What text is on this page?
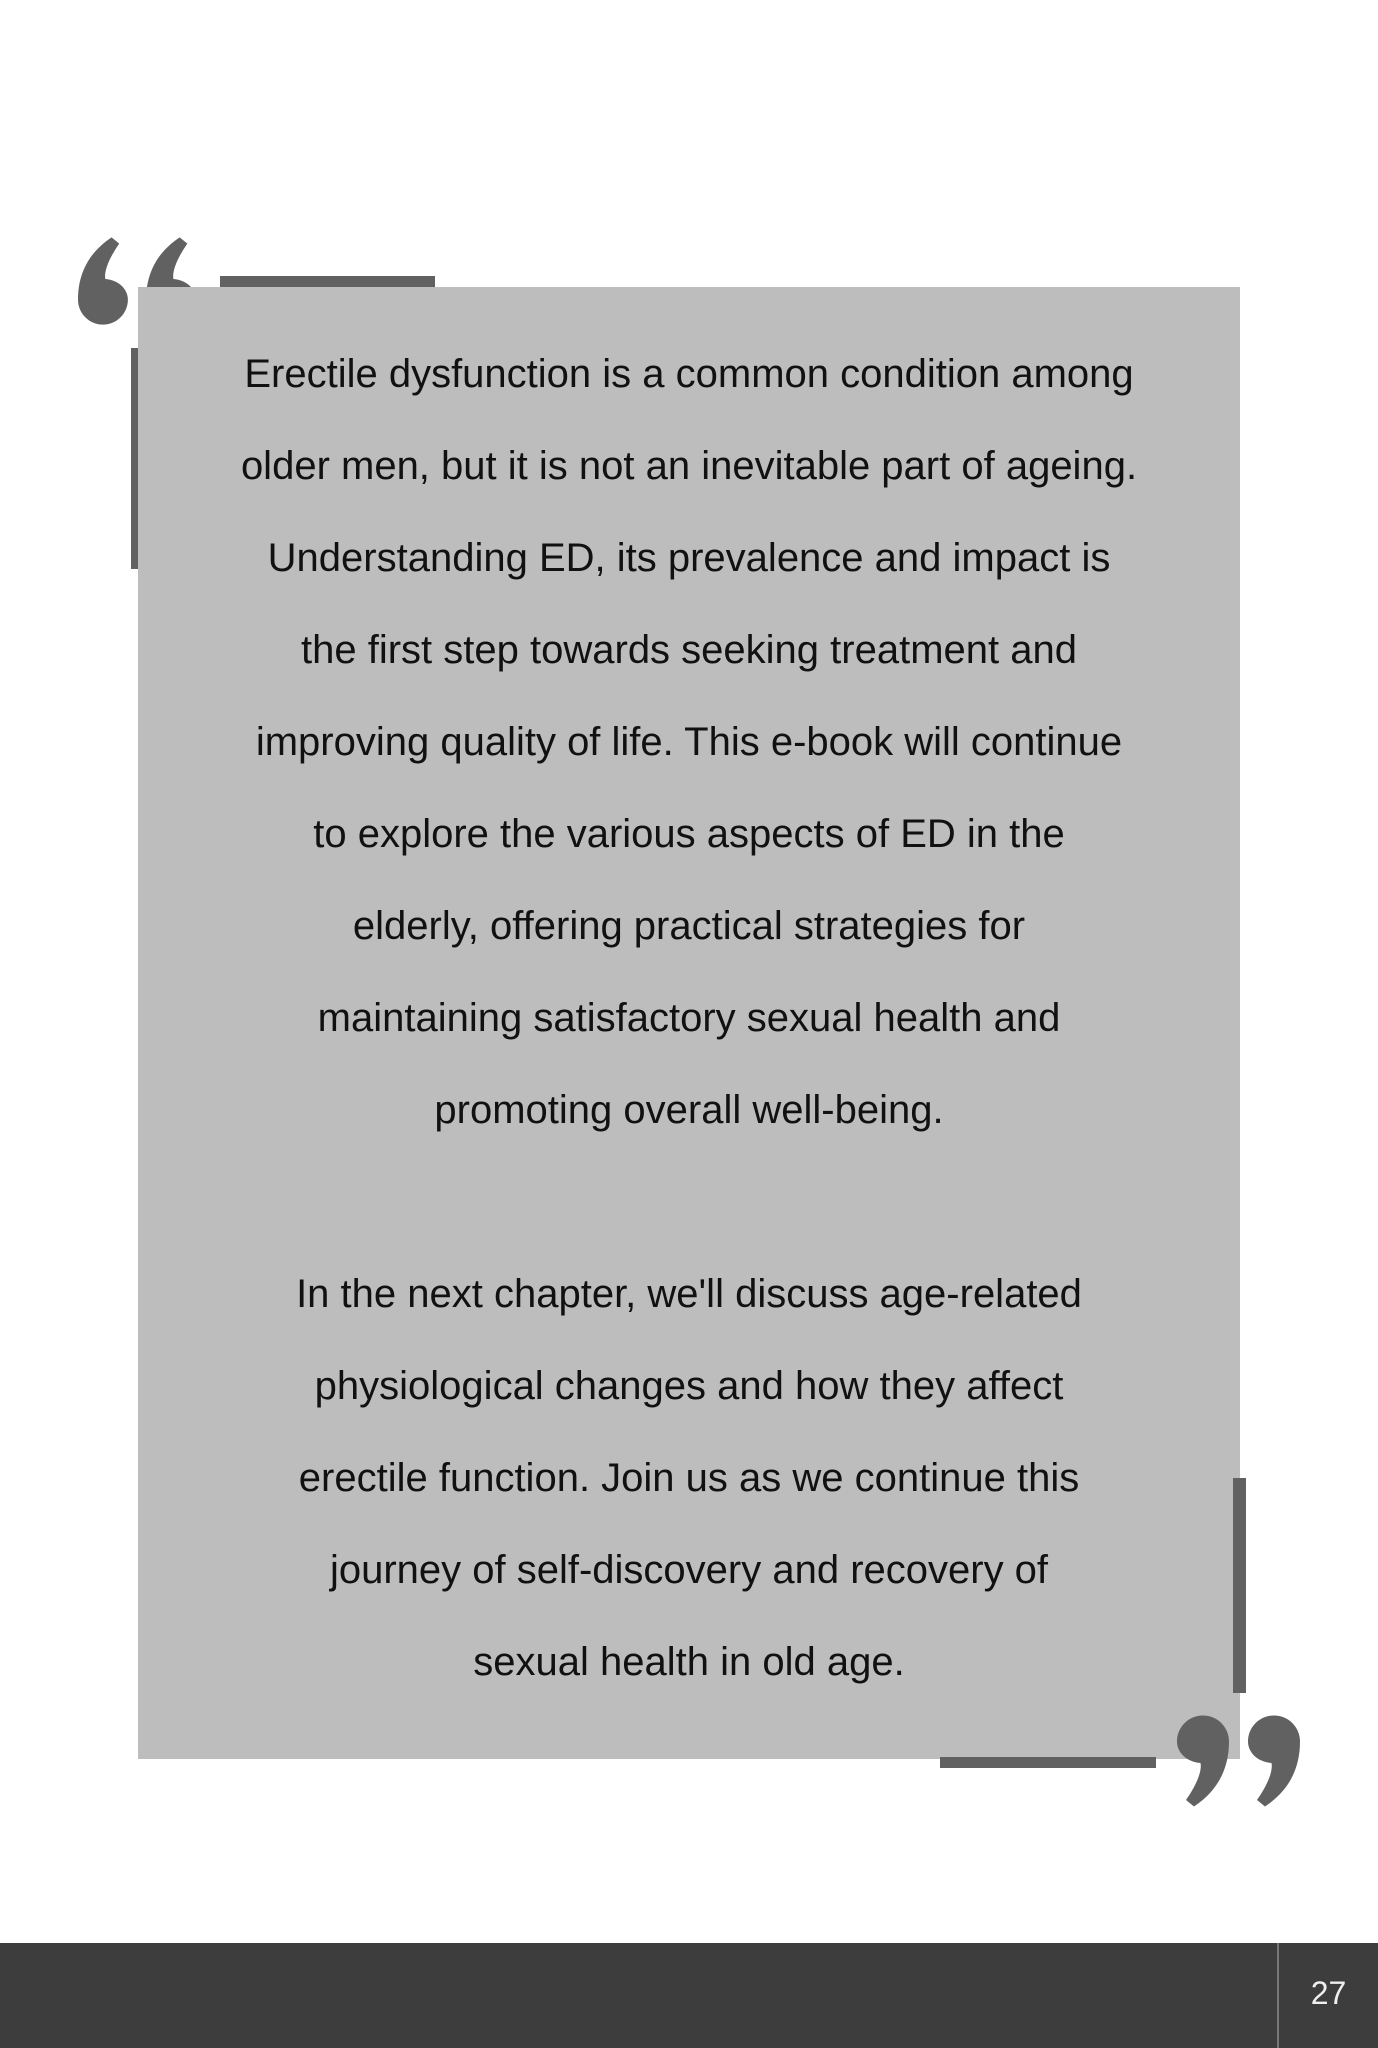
Erectile dysfunction is a common condition among
older men, but it is not an inevitable part of ageing.
Understanding ED, its prevalence and impact is
the first step towards seeking treatment and
improving quality of life. This e-book will continue
to explore the various aspects of ED in the
elderly, offering practical strategies for
maintaining satisfactory sexual health and
promoting overall well-being.
In the next chapter, we'll discuss age-related
physiological changes and how they affect
erectile function. Join us as we continue this
journey of self-discovery and recovery of
sexual health in old age.
27
